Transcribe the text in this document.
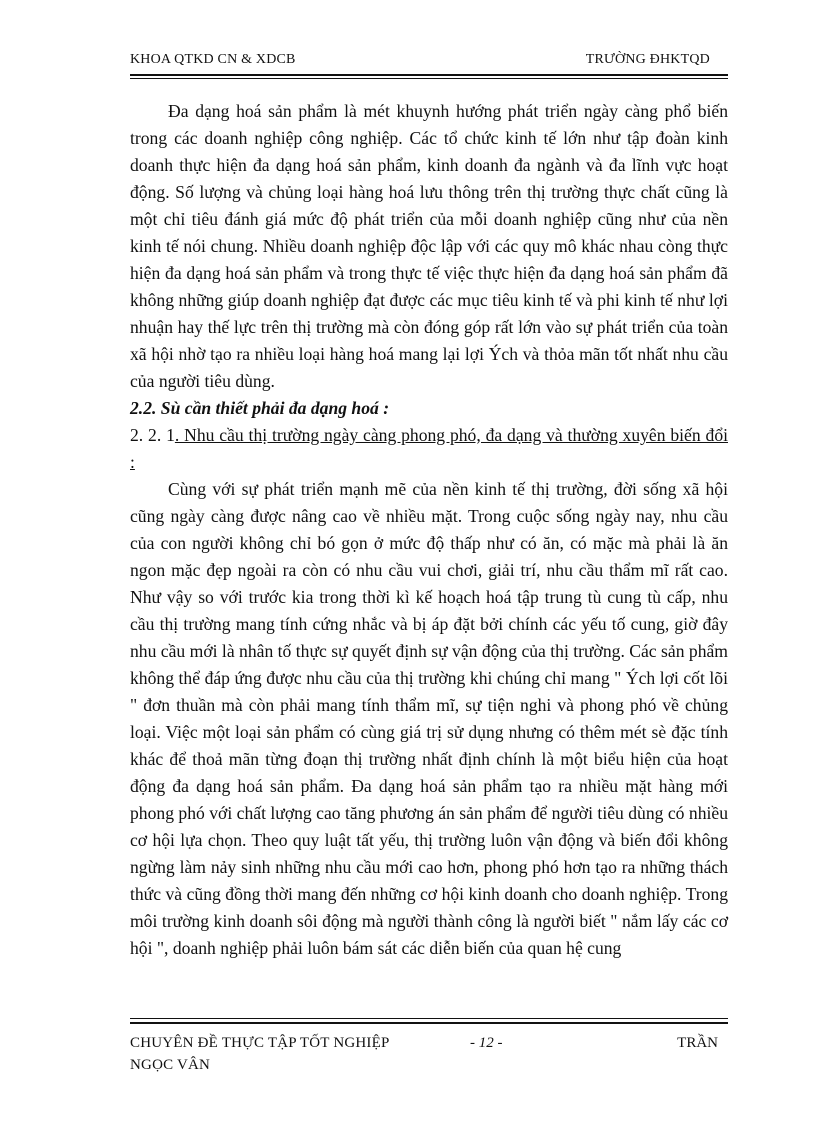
KHOA QTKD CN & XDCB	TRƯỜNG ĐHKTQD

Đa dạng hoá sản phẩm là mét khuynh hướng phát triển ngày càng phổ biến trong các doanh nghiệp công nghiệp. Các tổ chức kinh tế lớn như tập đoàn kinh doanh thực hiện đa dạng hoá sản phẩm, kinh doanh đa ngành và đa lĩnh vực hoạt động. Số lượng và chủng loại hàng hoá lưu thông trên thị trường thực chất cũng là một chỉ tiêu đánh giá mức độ phát triển của mỗi doanh nghiệp cũng như của nền kinh tế nói chung. Nhiều doanh nghiệp độc lập với các quy mô khác nhau còng thực hiện đa dạng hoá sản phẩm và trong thực tế việc thực hiện đa dạng hoá sản phẩm đã không những giúp doanh nghiệp đạt được các mục tiêu kinh tế và phi kinh tế như lợi nhuận hay thế lực trên thị trường mà còn đóng góp rất lớn vào sự phát triển của toàn xã hội nhờ tạo ra nhiều loại hàng hoá mang lại lợi Ých và thỏa mãn tốt nhất nhu cầu của người tiêu dùng.

2.2. Sù cần thiết phải đa dạng hoá :

2. 2. 1. Nhu cầu thị trường ngày càng phong phó, đa dạng và thường xuyên biến đổi :

Cùng với sự phát triển mạnh mẽ của nền kinh tế thị trường, đời sống xã hội cũng ngày càng được nâng cao về nhiều mặt. Trong cuộc sống ngày nay, nhu cầu của con người không chỉ bó gọn ở mức độ thấp như có ăn, có mặc mà phải là ăn ngon mặc đẹp ngoài ra còn có nhu cầu vui chơi, giải trí, nhu cầu thẩm mĩ rất cao. Như vậy so với trước kia trong thời kì kế hoạch hoá tập trung tù cung tù cấp, nhu cầu thị trường mang tính cứng nhắc và bị áp đặt bởi chính các yếu tố cung, giờ đây nhu cầu mới là nhân tố thực sự quyết định sự vận động của thị trường. Các sản phẩm không thể đáp ứng được nhu cầu của thị trường khi chúng chỉ mang " Ých lợi cốt lõi " đơn thuần mà còn phải mang tính thẩm mĩ, sự tiện nghi và phong phó về chủng loại. Việc một loại sản phẩm có cùng giá trị sử dụng nhưng có thêm mét sè đặc tính khác để thoả mãn từng đoạn thị trường nhất định chính là một biểu hiện của hoạt động đa dạng hoá sản phẩm. Đa dạng hoá sản phẩm tạo ra nhiều mặt hàng mới phong phó với chất lượng cao tăng phương án sản phẩm để người tiêu dùng có nhiều cơ hội lựa chọn. Theo quy luật tất yếu, thị trường luôn vận động và biến đổi không ngừng làm nảy sinh những nhu cầu mới cao hơn, phong phó hơn tạo ra những thách thức và cũng đồng thời mang đến những cơ hội kinh doanh cho doanh nghiệp. Trong môi trường kinh doanh sôi động mà người thành công là người biết " nắm lấy các cơ hội ", doanh nghiệp phải luôn bám sát các diễn biến của quan hệ cung

CHUYÊN ĐỀ THỰC TẬP TỐT NGHIỆP	- 12 -	TRẦN
NGỌC VÂN
